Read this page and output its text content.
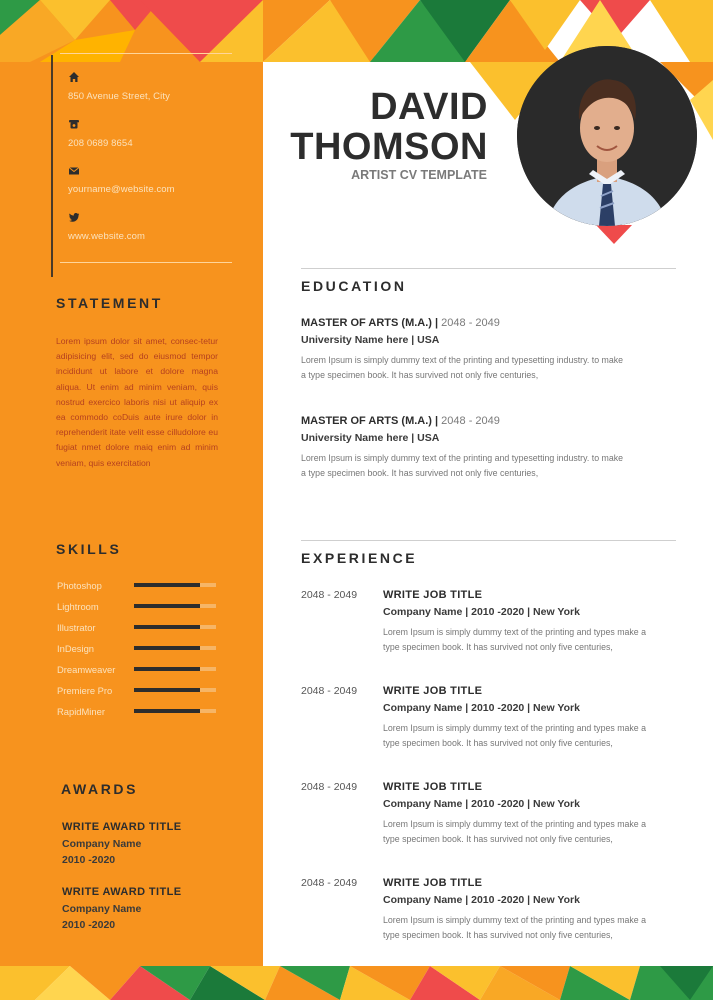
850 Avenue Street, City
208 0689 8654
yourname@website.com
www.website.com
STATEMENT
Lorem ipsum dolor sit amet, consec-tetur adipisicing elit, sed do eiusmod tempor incididunt ut labore et dolore magna aliqua. Ut enim ad minim veniam, quis nostrud exercico laboris nisi ut aliquip ex ea commodo coDuis aute irure dolor in reprehenderit itate velit esse cilludolore eu fugiat nmet dolore maiq enim ad minim veniam, quis exercitation
SKILLS
Photoshop
Lightroom
Illustrator
InDesign
Dreamweaver
Premiere Pro
RapidMiner
AWARDS
WRITE AWARD TITLE
Company Name
2010 -2020
WRITE AWARD TITLE
Company Name
2010 -2020
DAVID
THOMSON
ARTIST CV TEMPLATE
EDUCATION
MASTER OF ARTS (M.A.) | 2048 - 2049
University Name here | USA
Lorem Ipsum is simply dummy text of the printing and typesetting industry. to make
a type specimen book. It has survived not only five centuries,
MASTER OF ARTS (M.A.) | 2048 - 2049
University Name here | USA
Lorem Ipsum is simply dummy text of the printing and typesetting industry. to make
a type specimen book. It has survived not only five centuries,
EXPERIENCE
2048 - 2049 WRITE JOB TITLE
Company Name | 2010 -2020 | New York
Lorem Ipsum is simply dummy text of the printing and types make a
type specimen book. It has survived not only five centuries,
2048 - 2049 WRITE JOB TITLE
Company Name | 2010 -2020 | New York
Lorem Ipsum is simply dummy text of the printing and types make a
type specimen book. It has survived not only five centuries,
2048 - 2049 WRITE JOB TITLE
Company Name | 2010 -2020 | New York
Lorem Ipsum is simply dummy text of the printing and types make a
type specimen book. It has survived not only five centuries,
2048 - 2049 WRITE JOB TITLE
Company Name | 2010 -2020 | New York
Lorem Ipsum is simply dummy text of the printing and types make a
type specimen book. It has survived not only five centuries,
